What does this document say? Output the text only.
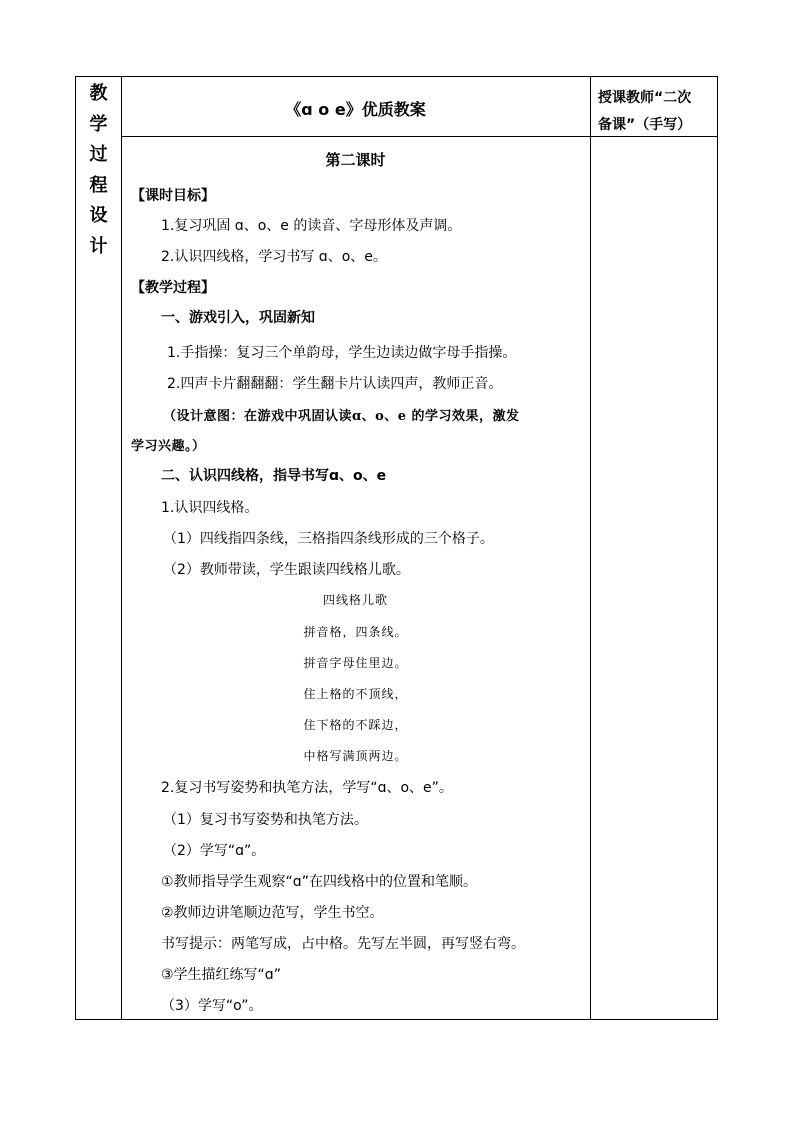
教
学
过
程
设
计
《ɑ o e》优质教案
授课教师“二次
备课”（手写）
第二课时
【课时目标】
1.复习巩固 ɑ、o、e 的读音、字母形体及声调。
2.认识四线格，学习书写 ɑ、o、e。
【教学过程】
一、游戏引入，巩固新知
1.手指操：复习三个单韵母，学生边读边做字母手指操。
2.四声卡片翻翻翻：学生翻卡片认读四声，教师正音。
（设计意图：在游戏中巩固认读ɑ、o、e 的学习效果，激发
学习兴趣。）
二、认识四线格，指导书写ɑ、o、e
1.认识四线格。
（1）四线指四条线，三格指四条线形成的三个格子。
（2）教师带读，学生跟读四线格儿歌。
四线格儿歌
拼音格，四条线。
拼音字母住里边。
住上格的不顶线，
住下格的不踩边，
中格写满顶两边。
2.复习书写姿势和执笔方法，学写“ɑ、o、e”。
（1）复习书写姿势和执笔方法。
（2）学写“ɑ”。
①教师指导学生观察“ɑ”在四线格中的位置和笔顺。
②教师边讲笔顺边范写，学生书空。
书写提示：两笔写成，占中格。先写左半圆，再写竖右弯。
③学生描红练写“ɑ”
（3）学写“o”。
